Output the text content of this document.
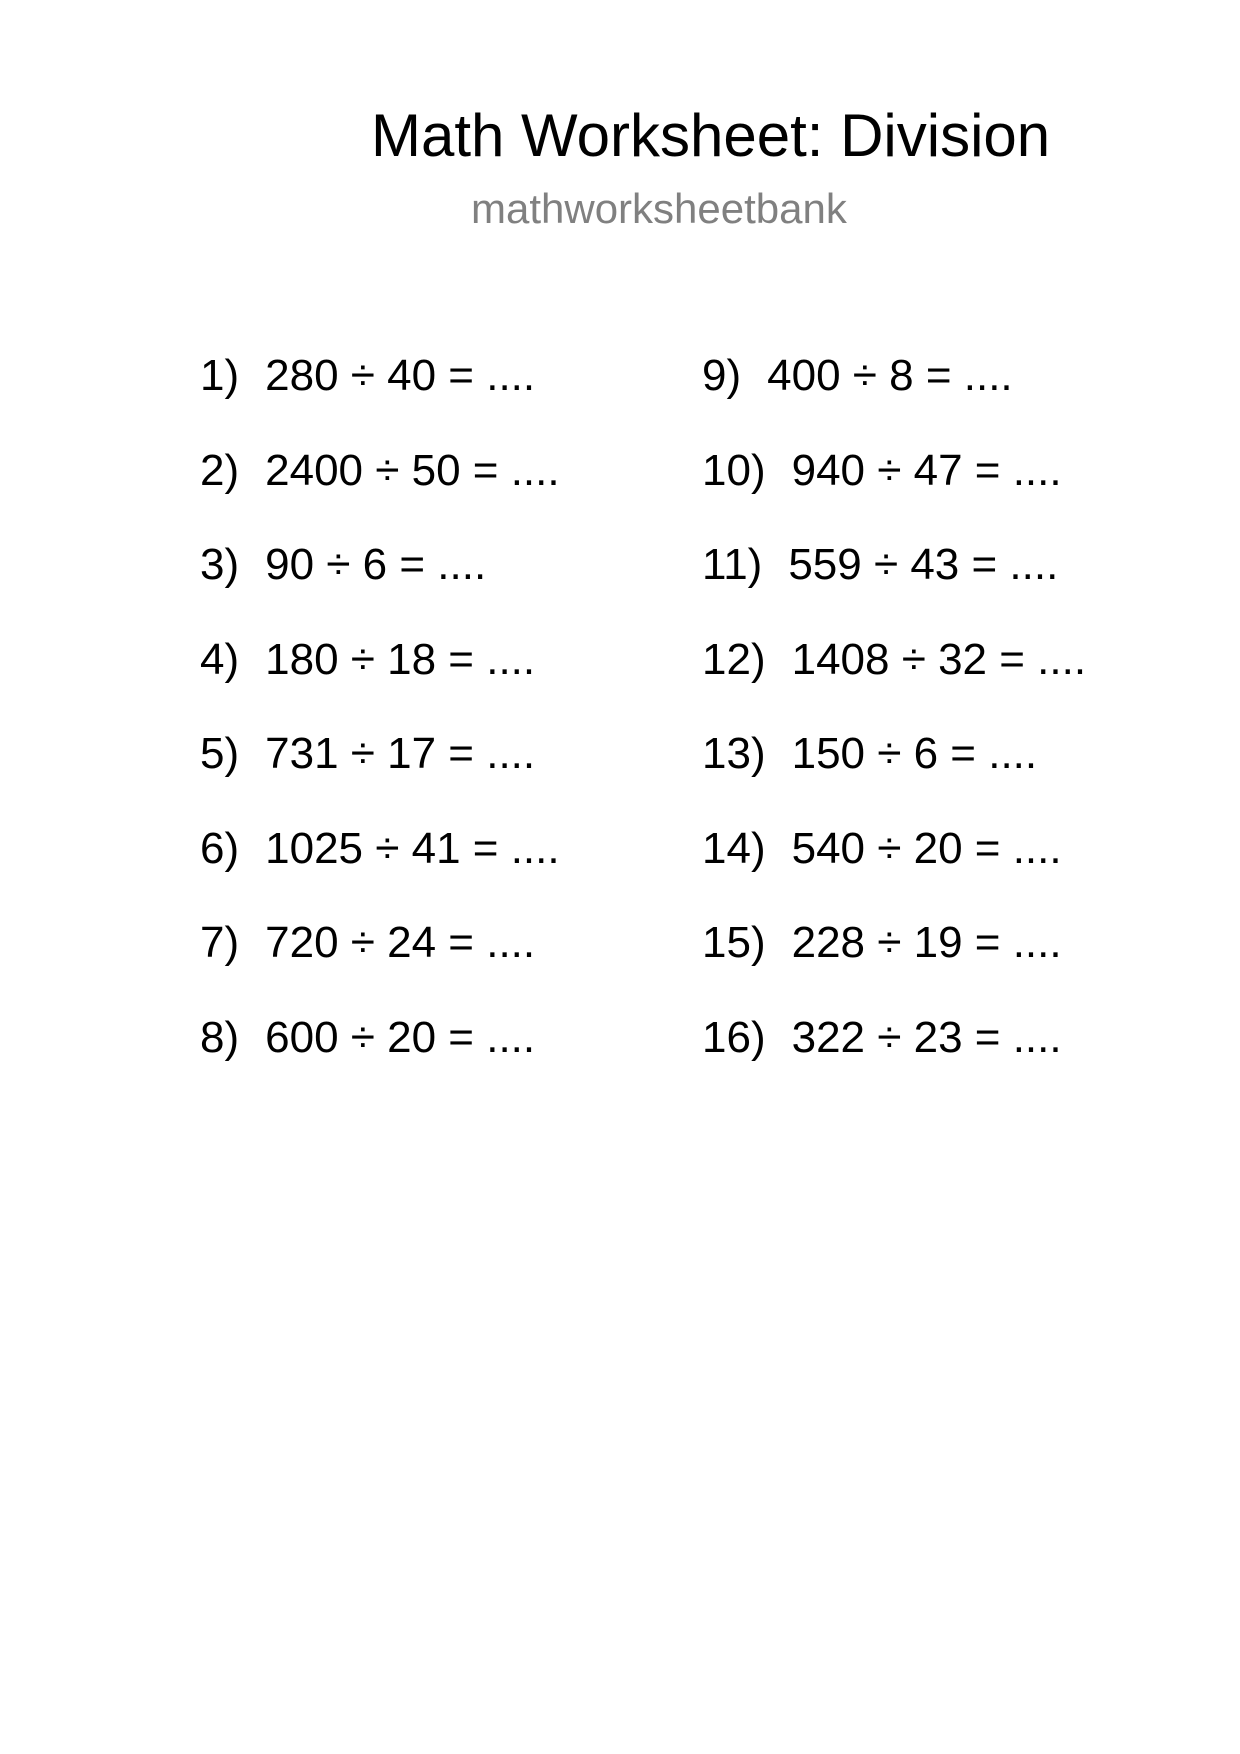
Math Worksheet: Division
mathworksheetbank
1) 280 ÷ 40 = ....
2) 2400 ÷ 50 = ....
3) 90 ÷ 6 = ....
4) 180 ÷ 18 = ....
5) 731 ÷ 17 = ....
6) 1025 ÷ 41 = ....
7) 720 ÷ 24 = ....
8) 600 ÷ 20 = ....
9) 400 ÷ 8 = ....
10) 940 ÷ 47 = ....
11) 559 ÷ 43 = ....
12) 1408 ÷ 32 = ....
13) 150 ÷ 6 = ....
14) 540 ÷ 20 = ....
15) 228 ÷ 19 = ....
16) 322 ÷ 23 = ....
